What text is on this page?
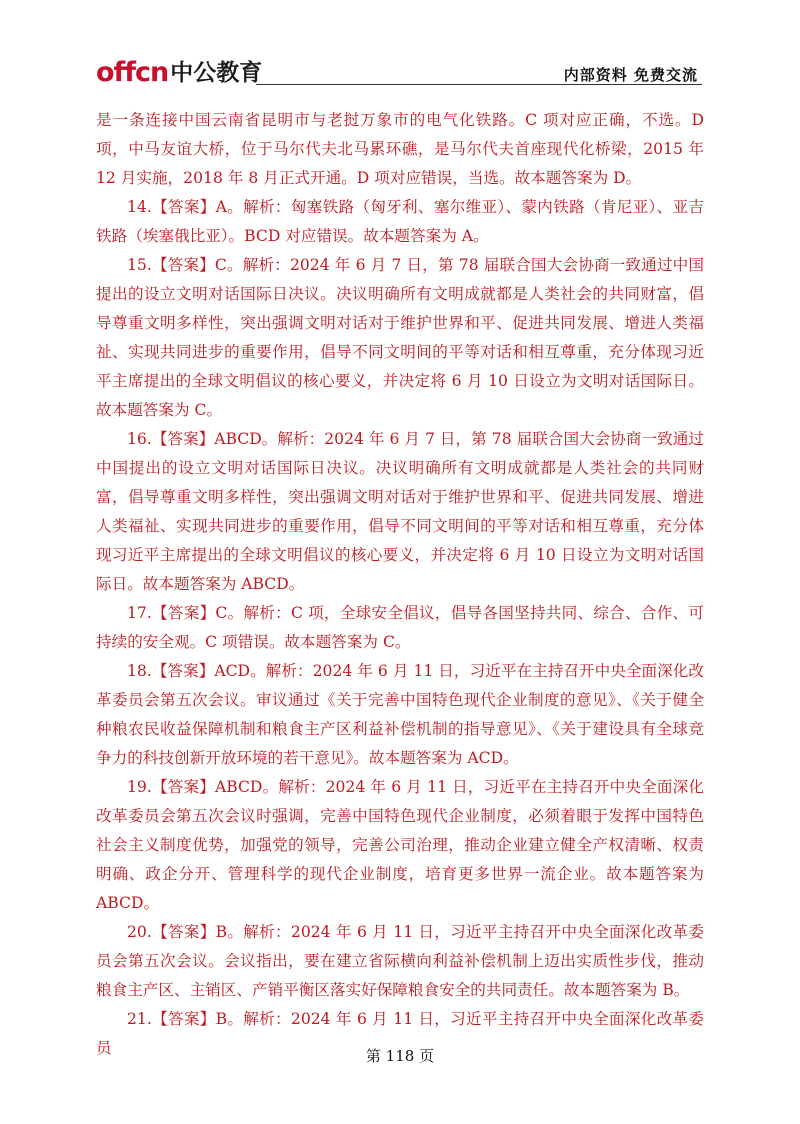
offcn 中公教育	内部资料 免费交流

是一条连接中国云南省昆明市与老挝万象市的电气化铁路。C 项对应正确，不选。D 项，中马友谊大桥，位于马尔代夫北马累环礁，是马尔代夫首座现代化桥梁，2015 年 12 月实施，2018 年 8 月正式开通。D 项对应错误，当选。故本题答案为 D。

14.【答案】A。解析：匈塞铁路（匈牙利、塞尔维亚）、蒙内铁路（肯尼亚）、亚吉铁路（埃塞俄比亚）。BCD 对应错误。故本题答案为 A。

15.【答案】C。解析：2024 年 6 月 7 日，第 78 届联合国大会协商一致通过中国提出的设立文明对话国际日决议。决议明确所有文明成就都是人类社会的共同财富，倡导尊重文明多样性，突出强调文明对话对于维护世界和平、促进共同发展、增进人类福祉、实现共同进步的重要作用，倡导不同文明间的平等对话和相互尊重，充分体现习近平主席提出的全球文明倡议的核心要义，并决定将 6 月 10 日设立为文明对话国际日。故本题答案为 C。

16.【答案】ABCD。解析：2024 年 6 月 7 日，第 78 届联合国大会协商一致通过中国提出的设立文明对话国际日决议。决议明确所有文明成就都是人类社会的共同财富，倡导尊重文明多样性，突出强调文明对话对于维护世界和平、促进共同发展、增进人类福祉、实现共同进步的重要作用，倡导不同文明间的平等对话和相互尊重，充分体现习近平主席提出的全球文明倡议的核心要义，并决定将 6 月 10 日设立为文明对话国际日。故本题答案为 ABCD。

17.【答案】C。解析：C 项，全球安全倡议，倡导各国坚持共同、综合、合作、可持续的安全观。C 项错误。故本题答案为 C。

18.【答案】ACD。解析：2024 年 6 月 11 日，习近平在主持召开中央全面深化改革委员会第五次会议。审议通过《关于完善中国特色现代企业制度的意见》、《关于健全种粮农民收益保障机制和粮食主产区利益补偿机制的指导意见》、《关于建设具有全球竞争力的科技创新开放环境的若干意见》。故本题答案为 ACD。

19.【答案】ABCD。解析：2024 年 6 月 11 日，习近平在主持召开中央全面深化改革委员会第五次会议时强调，完善中国特色现代企业制度，必须着眼于发挥中国特色社会主义制度优势，加强党的领导，完善公司治理，推动企业建立健全产权清晰、权责明确、政企分开、管理科学的现代企业制度，培育更多世界一流企业。故本题答案为 ABCD。

20.【答案】B。解析：2024 年 6 月 11 日，习近平主持召开中央全面深化改革委员会第五次会议。会议指出，要在建立省际横向利益补偿机制上迈出实质性步伐，推动粮食主产区、主销区、产销平衡区落实好保障粮食安全的共同责任。故本题答案为 B。

21.【答案】B。解析：2024 年 6 月 11 日，习近平主持召开中央全面深化改革委员	第 118 页
